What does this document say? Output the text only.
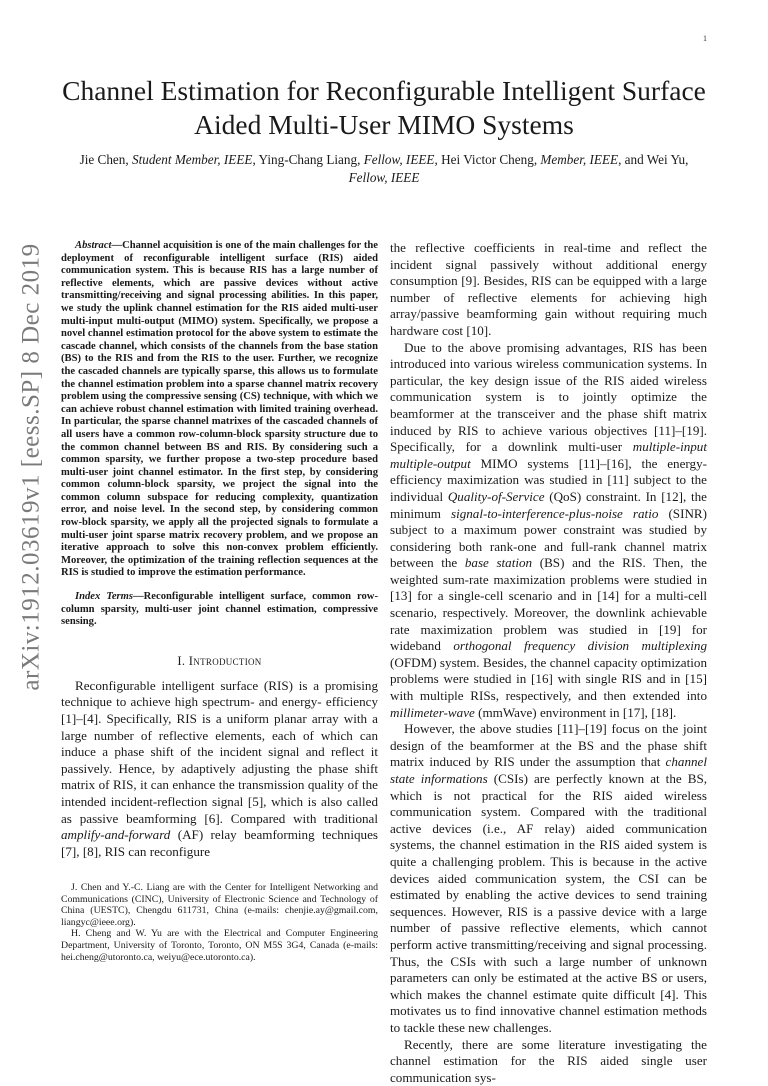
1
arXiv:1912.03619v1 [eess.SP] 8 Dec 2019
Channel Estimation for Reconfigurable Intelligent Surface Aided Multi-User MIMO Systems
Jie Chen, Student Member, IEEE, Ying-Chang Liang, Fellow, IEEE, Hei Victor Cheng, Member, IEEE, and Wei Yu, Fellow, IEEE

Abstract—Channel acquisition is one of the main challenges for the deployment of reconfigurable intelligent surface (RIS) aided communication system. This is because RIS has a large number of reflective elements, which are passive devices without active transmitting/receiving and signal processing abilities. In this paper, we study the uplink channel estimation for the RIS aided multi-user multi-input multi-output (MIMO) system. Specifically, we propose a novel channel estimation protocol for the above system to estimate the cascade channel, which consists of the channels from the base station (BS) to the RIS and from the RIS to the user. Further, we recognize the cascaded channels are typically sparse, this allows us to formulate the channel estimation problem into a sparse channel matrix recovery problem using the compressive sensing (CS) technique, with which we can achieve robust channel estimation with limited training overhead. In particular, the sparse channel matrixes of the cascaded channels of all users have a common row-column-block sparsity structure due to the common channel between BS and RIS. By considering such a common sparsity, we further propose a two-step procedure based multi-user joint channel estimator. In the first step, by considering common column-block sparsity, we project the signal into the common column subspace for reducing complexity, quantization error, and noise level. In the second step, by considering common row-block sparsity, we apply all the projected signals to formulate a multi-user joint sparse matrix recovery problem, and we propose an iterative approach to solve this non-convex problem efficiently. Moreover, the optimization of the training reflection sequences at the RIS is studied to improve the estimation performance.

Index Terms—Reconfigurable intelligent surface, common row-column sparsity, multi-user joint channel estimation, compressive sensing.

I. Introduction

Reconfigurable intelligent surface (RIS) is a promising technique to achieve high spectrum- and energy- efficiency [1]–[4]. Specifically, RIS is a uniform planar array with a large number of reflective elements, each of which can induce a phase shift of the incident signal and reflect it passively. Hence, by adaptively adjusting the phase shift matrix of RIS, it can enhance the transmission quality of the intended incident-reflection signal [5], which is also called as passive beamforming [6]. Compared with traditional amplify-and-forward (AF) relay beamforming techniques [7], [8], RIS can reconfigure

J. Chen and Y.-C. Liang are with the Center for Intelligent Networking and Communications (CINC), University of Electronic Science and Technology of China (UESTC), Chengdu 611731, China (e-mails: chenjie.ay@gmail.com, liangyc@ieee.org).

H. Cheng and W. Yu are with the Electrical and Computer Engineering Department, University of Toronto, Toronto, ON M5S 3G4, Canada (e-mails: hei.cheng@utoronto.ca, weiyu@ece.utoronto.ca).

the reflective coefficients in real-time and reflect the incident signal passively without additional energy consumption [9]. Besides, RIS can be equipped with a large number of reflective elements for achieving high array/passive beamforming gain without requiring much hardware cost [10].

Due to the above promising advantages, RIS has been introduced into various wireless communication systems. In particular, the key design issue of the RIS aided wireless communication system is to jointly optimize the beamformer at the transceiver and the phase shift matrix induced by RIS to achieve various objectives [11]–[19]. Specifically, for a downlink multi-user multiple-input multiple-output MIMO systems [11]–[16], the energy-efficiency maximization was studied in [11] subject to the individual Quality-of-Service (QoS) constraint. In [12], the minimum signal-to-interference-plus-noise ratio (SINR) subject to a maximum power constraint was studied by considering both rank-one and full-rank channel matrix between the base station (BS) and the RIS. Then, the weighted sum-rate maximization problems were studied in [13] for a single-cell scenario and in [14] for a multi-cell scenario, respectively. Moreover, the downlink achievable rate maximization problem was studied in [19] for wideband orthogonal frequency division multiplexing (OFDM) system. Besides, the channel capacity optimization problems were studied in [16] with single RIS and in [15] with multiple RISs, respectively, and then extended into millimeter-wave (mmWave) environment in [17], [18].

However, the above studies [11]–[19] focus on the joint design of the beamformer at the BS and the phase shift matrix induced by RIS under the assumption that channel state informations (CSIs) are perfectly known at the BS, which is not practical for the RIS aided wireless communication system. Compared with the traditional active devices (i.e., AF relay) aided communication systems, the channel estimation in the RIS aided system is quite a challenging problem. This is because in the active devices aided communication system, the CSI can be estimated by enabling the active devices to send training sequences. However, RIS is a passive device with a large number of passive reflective elements, which cannot perform active transmitting/receiving and signal processing. Thus, the CSIs with such a large number of unknown parameters can only be estimated at the active BS or users, which makes the channel estimate quite difficult [4]. This motivates us to find innovative channel estimation methods to tackle these new challenges.

Recently, there are some literature investigating the channel estimation for the RIS aided single user communication sys-
